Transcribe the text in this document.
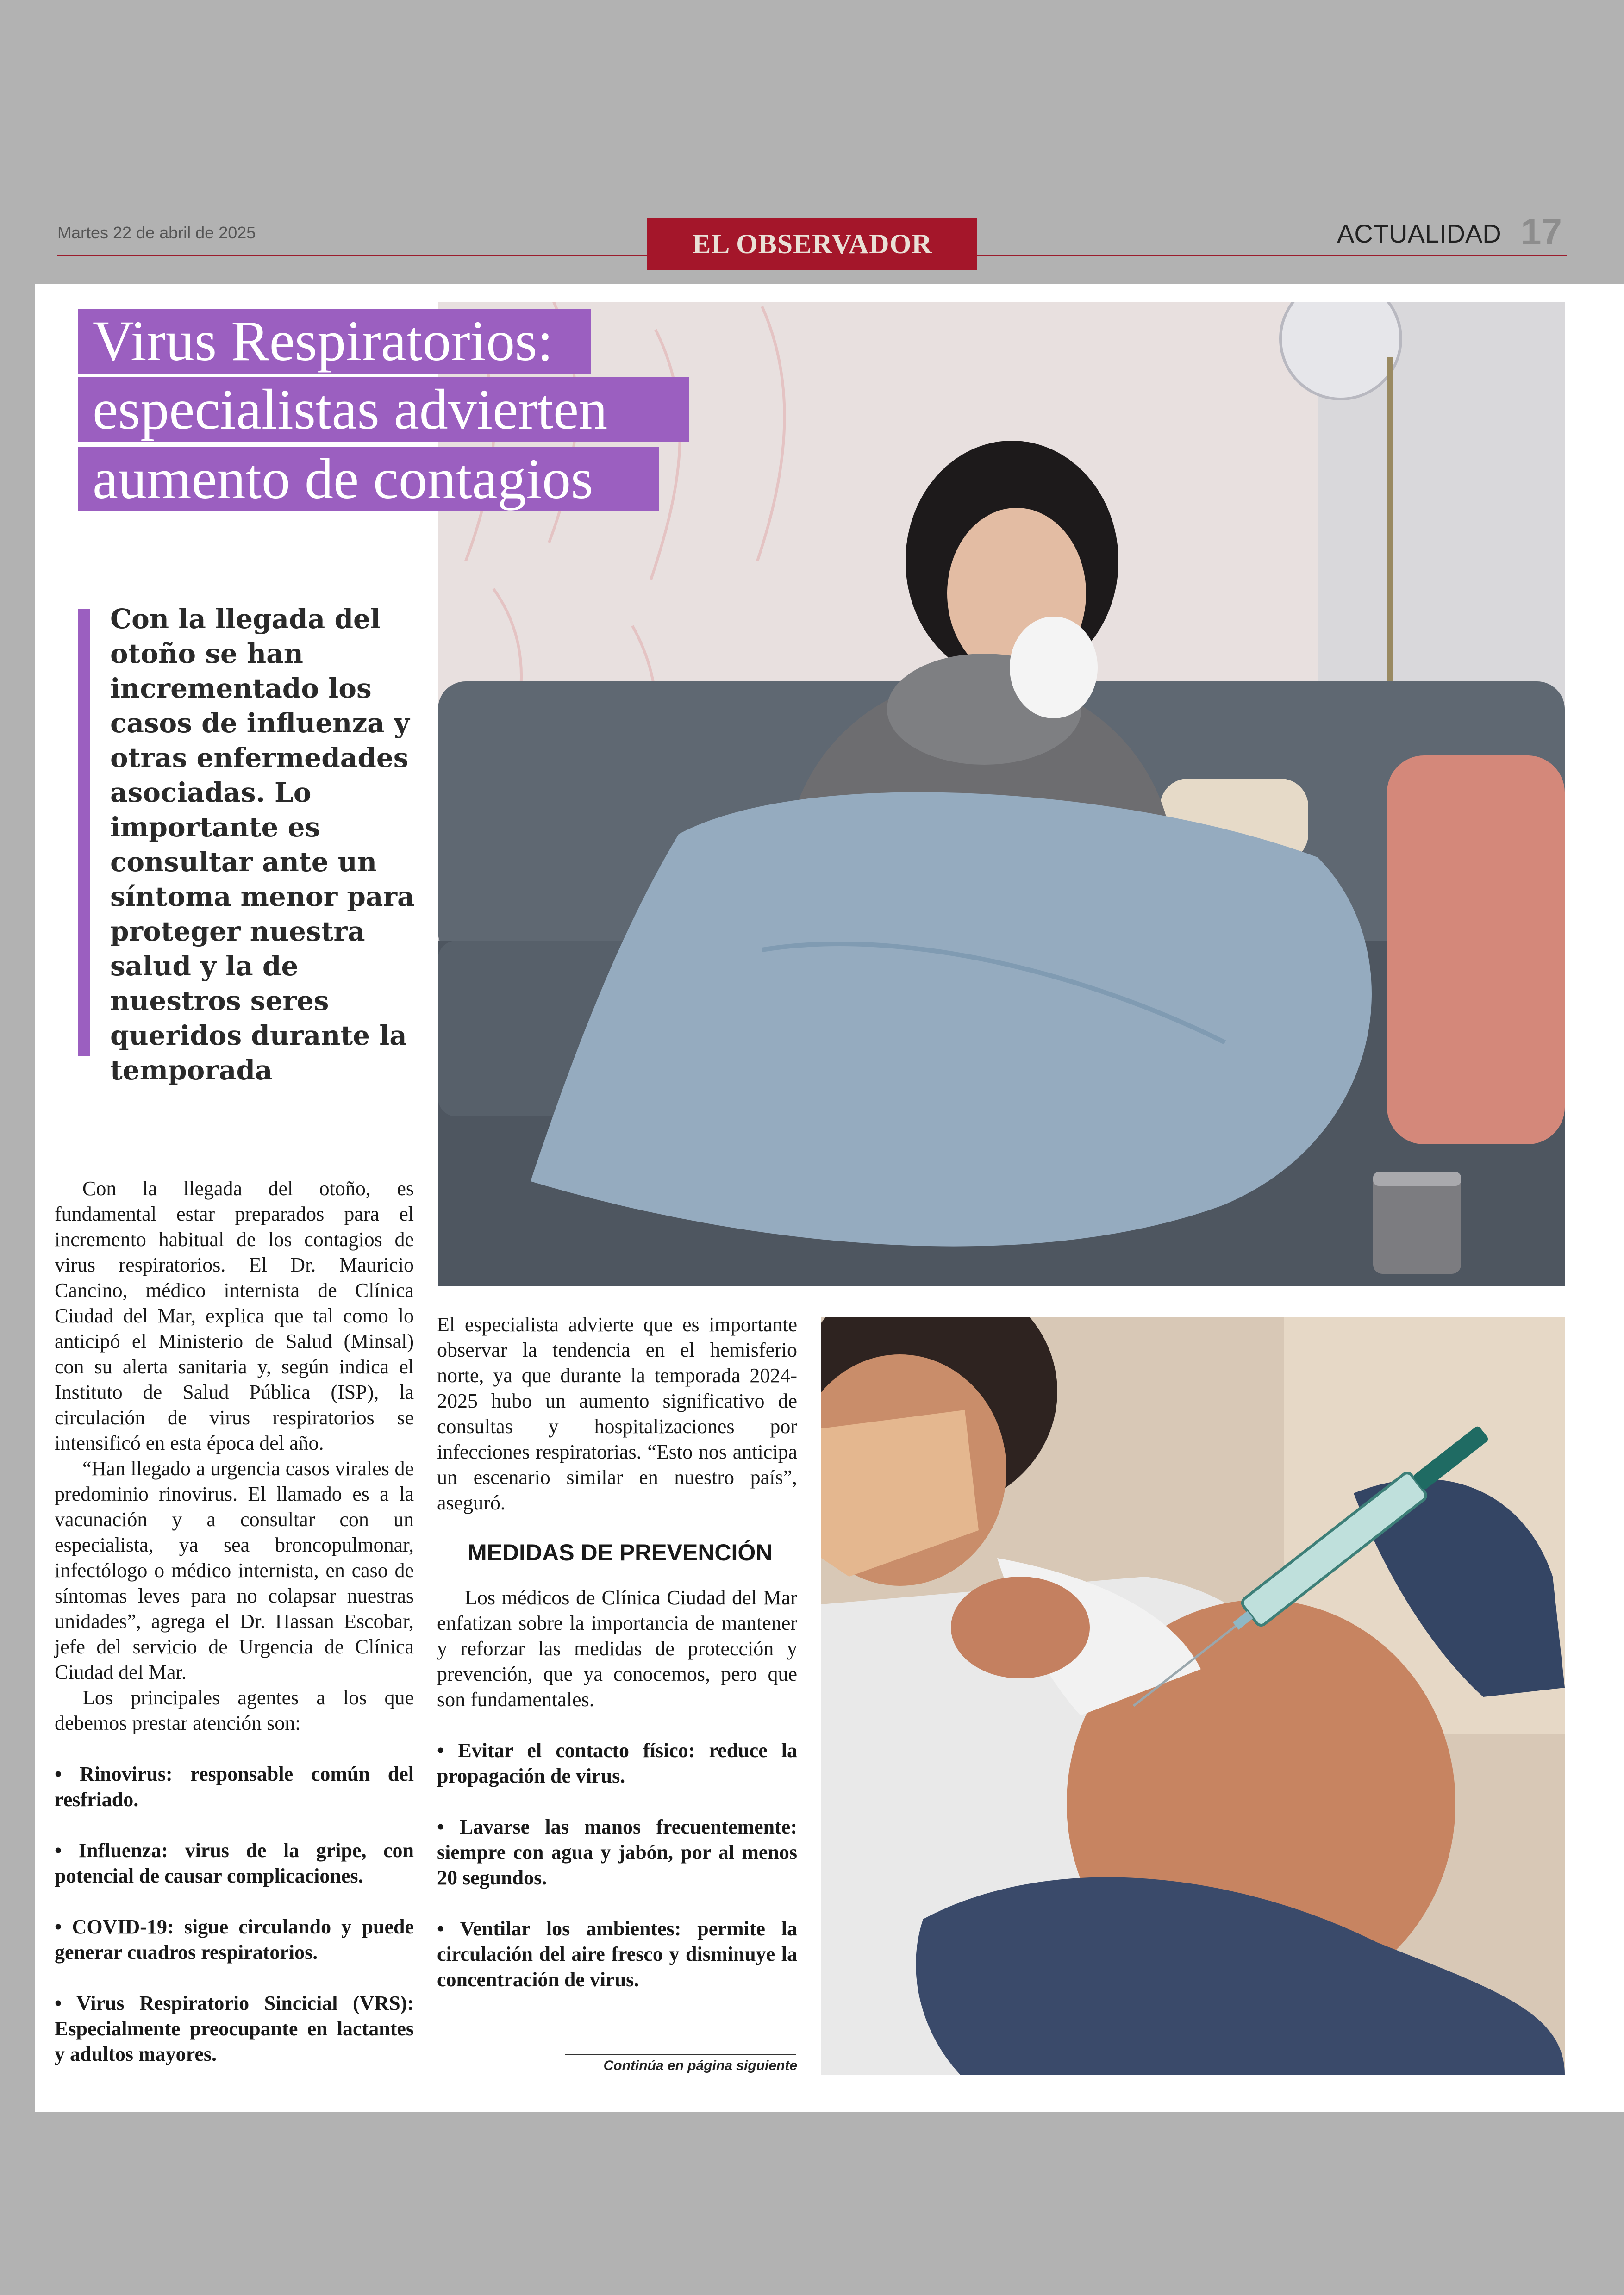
Martes 22 de abril de 2025	EL OBSERVADOR	ACTUALIDAD 17
Virus Respiratorios:
especialistas advierten
aumento de contagios
Con la llegada del otoño se han incrementado los casos de influenza y otras enfermedades asociadas. Lo importante es consultar ante un síntoma menor para proteger nuestra salud y la de nuestros seres queridos durante la temporada

Con la llegada del otoño, es fundamental estar preparados para el incremento habitual de los contagios de virus respiratorios. El Dr. Mauricio Cancino, médico internista de Clínica Ciudad del Mar, explica que tal como lo anticipó el Ministerio de Salud (Minsal) con su alerta sanitaria y, según indica el Instituto de Salud Pública (ISP), la circulación de virus respiratorios se intensificó en esta época del año.

“Han llegado a urgencia casos virales de predominio rinovirus. El llamado es a la vacunación y a consultar con un especialista, ya sea broncopulmonar, infectólogo o médico internista, en caso de síntomas leves para no colapsar nuestras unidades”, agrega el Dr. Hassan Escobar, jefe del servicio de Urgencia de Clínica Ciudad del Mar.

Los principales agentes a los que debemos prestar atención son:

• Rinovirus: responsable común del resfriado.

• Influenza: virus de la gripe, con potencial de causar complicaciones.

• COVID-19: sigue circulando y puede generar cuadros respiratorios.

• Virus Respiratorio Sincicial (VRS): Especialmente preocupante en lactantes y adultos mayores.

El especialista advierte que es importante observar la tendencia en el hemisferio norte, ya que durante la temporada 2024-2025 hubo un aumento significativo de consultas y hospitalizaciones por infecciones respiratorias. “Esto nos anticipa un escenario similar en nuestro país”, aseguró.

MEDIDAS DE PREVENCIÓN

Los médicos de Clínica Ciudad del Mar enfatizan sobre la importancia de mantener y reforzar las medidas de protección y prevención, que ya conocemos, pero que son fundamentales.

• Evitar el contacto físico: reduce la propagación de virus.

• Lavarse las manos frecuentemente: siempre con agua y jabón, por al menos 20 segundos.

• Ventilar los ambientes: permite la circulación del aire fresco y disminuye la concentración de virus.

Continúa en página siguiente
